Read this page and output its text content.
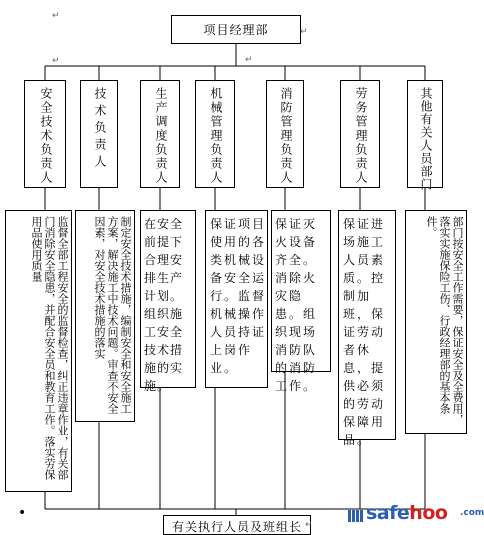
项目经理部
安全技术负责人	技术负责人	生产调度负责人	机械管理负责人	消防管理负责人	劳务管理负责人	其他有关人员部门
监督全部工程安全的监督检查，纠正违章作业，有关部门消除安全隐患，并配合安全员和教育工作。落实劳保用品使用质量	制定安全技术措施，编制安全和安全施工方案，解决施工中技术问题。审查不安全因素，对安全技术措施的落实	在安全前提下合理安排生产计划。组织施工安全技术措施的实施。
保证项目使用的各类机械设备安全运行。监督机械操作人员持证上岗作业。
保证灭火设备齐全。消除火灾隐患。组织现场消防队的消防工作。
保证进场施工人员素质。控制加班，保证劳动者休息，提供必须的劳动保障用品。
部门按安全工作需要，保证安全及全费用，落实实施保险工伤、行政经理部的基本条件。
有关执行人员及班组长
↵
↵	↵
↵
↵
•	safehoo .com
